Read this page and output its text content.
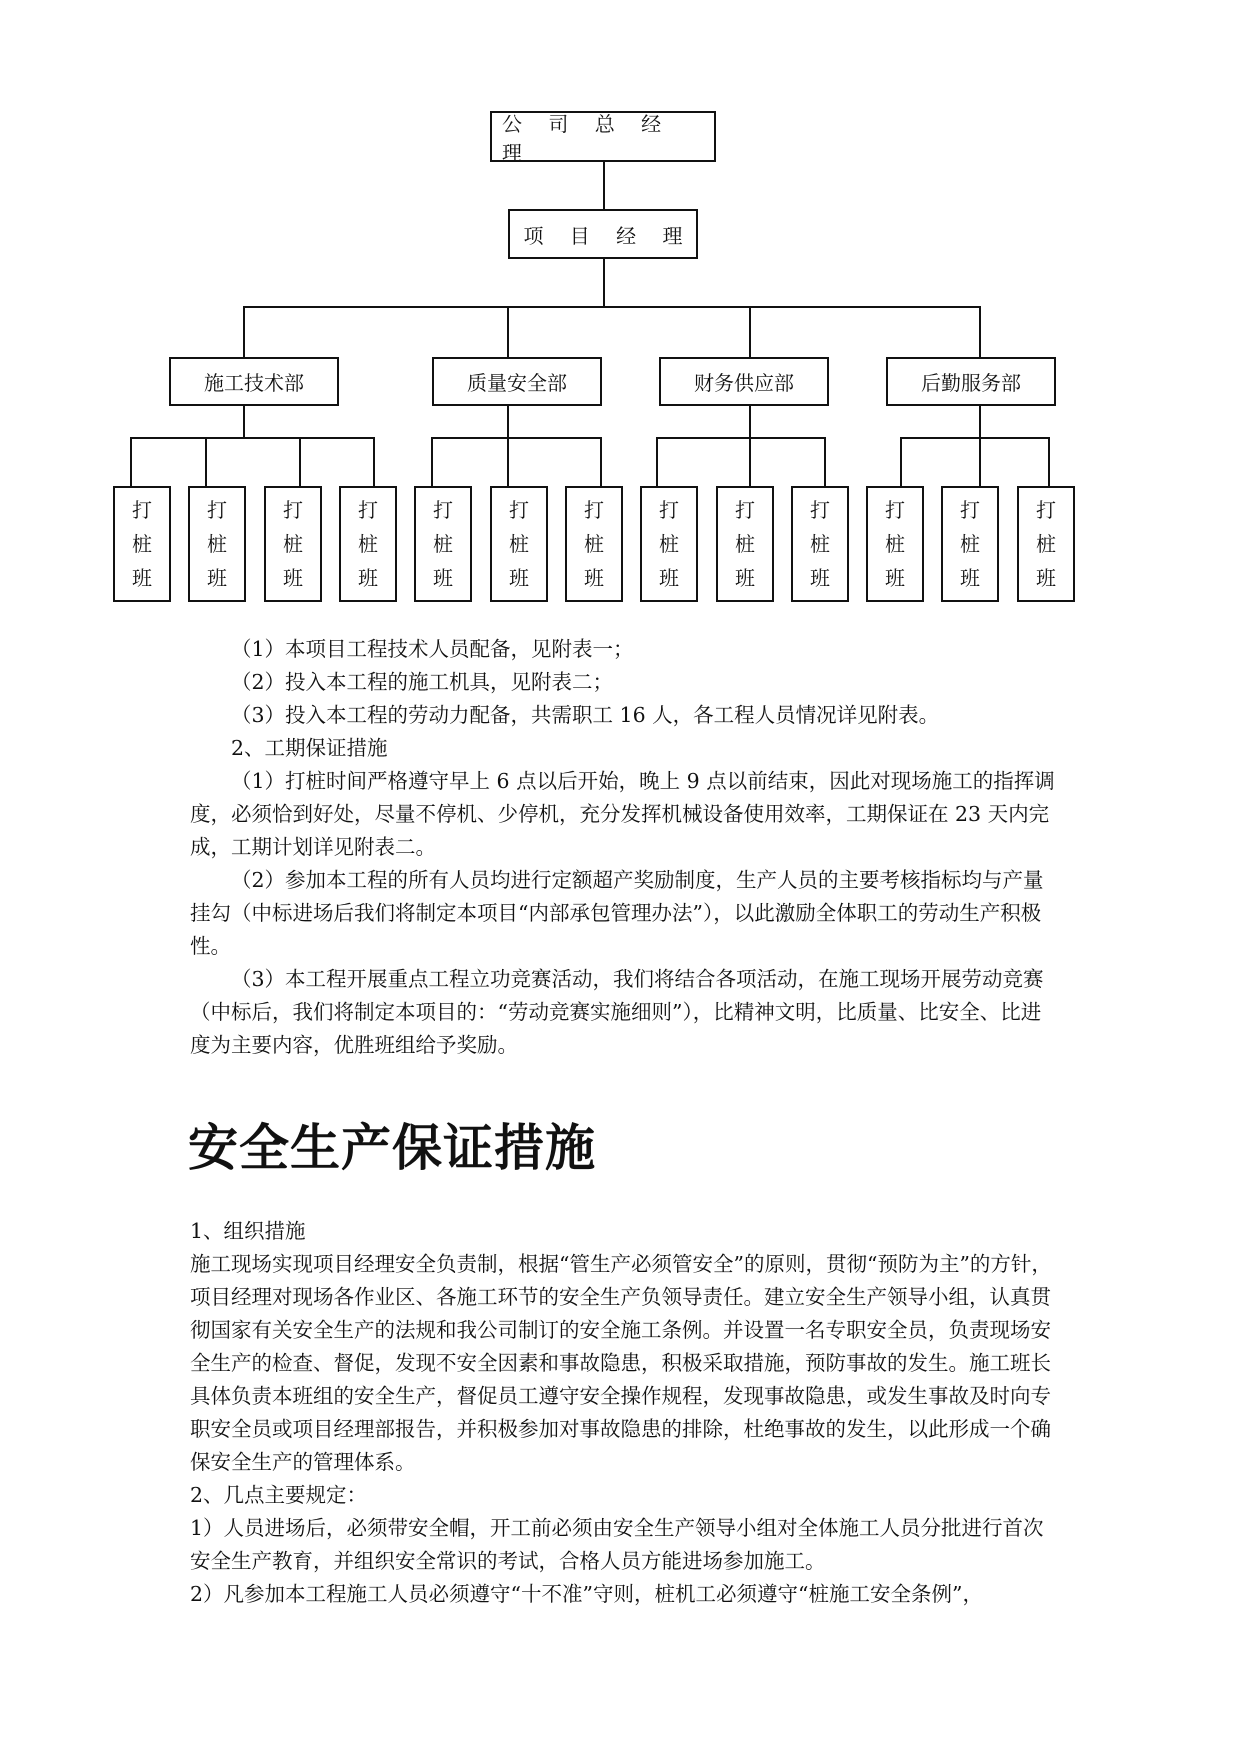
公 司 总 经 理
项 目 经 理
施工技术部	质量安全部	财务供应部	后勤服务部
打
桩
班
打
桩
班
打
桩
班
打
桩
班
打
桩
班
打
桩
班
打
桩
班
打
桩
班
打
桩
班
打
桩
班
打
桩
班
打
桩
班
打
桩
班

（1）本项目工程技术人员配备，见附表一；

（2）投入本工程的施工机具，见附表二；

（3）投入本工程的劳动力配备，共需职工 16 人，各工程人员情况详见附表。

2、工期保证措施

（1）打桩时间严格遵守早上 6 点以后开始，晚上 9 点以前结束，因此对现场施工的指挥调度，必须恰到好处，尽量不停机、少停机，充分发挥机械设备使用效率，工期保证在 23 天内完成，工期计划详见附表二。

（2）参加本工程的所有人员均进行定额超产奖励制度，生产人员的主要考核指标均与产量挂勾（中标进场后我们将制定本项目“内部承包管理办法”），以此激励全体职工的劳动生产积极性。

（3）本工程开展重点工程立功竞赛活动，我们将结合各项活动，在施工现场开展劳动竞赛（中标后，我们将制定本项目的：“劳动竞赛实施细则”），比精神文明，比质量、比安全、比进度为主要内容，优胜班组给予奖励。

安全生产保证措施

1、组织措施

施工现场实现项目经理安全负责制，根据“管生产必须管安全”的原则，贯彻“预防为主”的方针，项目经理对现场各作业区、各施工环节的安全生产负领导责任。建立安全生产领导小组，认真贯彻国家有关安全生产的法规和我公司制订的安全施工条例。并设置一名专职安全员，负责现场安全生产的检查、督促，发现不安全因素和事故隐患，积极采取措施，预防事故的发生。施工班长具体负责本班组的安全生产，督促员工遵守安全操作规程，发现事故隐患，或发生事故及时向专职安全员或项目经理部报告，并积极参加对事故隐患的排除，杜绝事故的发生，以此形成一个确保安全生产的管理体系。

2、几点主要规定：

1）人员进场后，必须带安全帽，开工前必须由安全生产领导小组对全体施工人员分批进行首次安全生产教育，并组织安全常识的考试，合格人员方能进场参加施工。

2）凡参加本工程施工人员必须遵守“十不准”守则，桩机工必须遵守“桩施工安全条例”，
